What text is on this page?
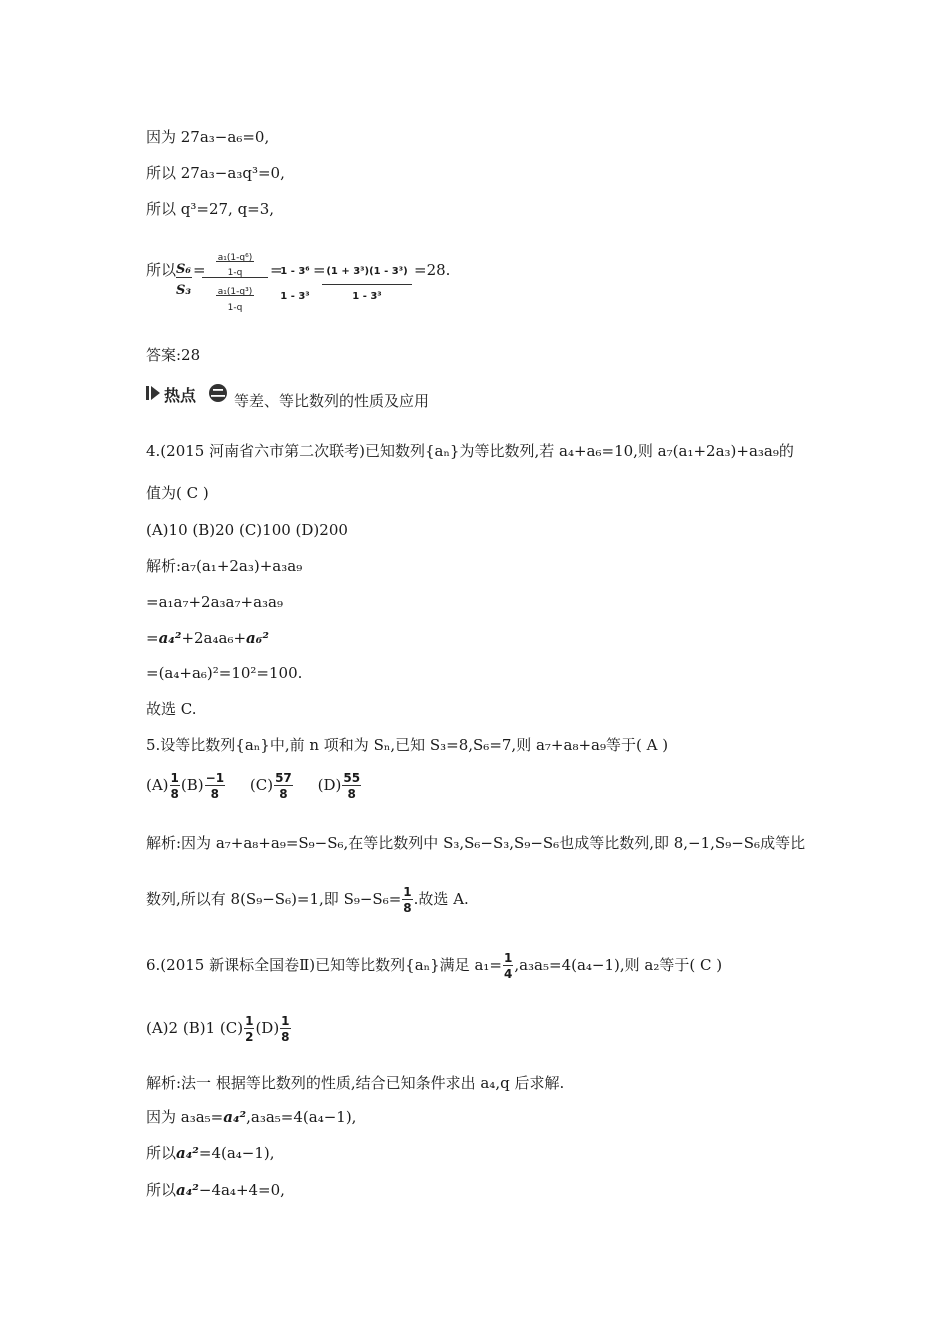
因为 27a₃−a₆=0,
所以 27a₃−a₃q³=0,
所以 q³=27, q=3,
所以 S₆
S₃
=
a₁(1-q⁶)
1-q
a₁(1-q³)
1-q
=
1 - 3⁶
1 - 3³
=
$\frac{\text{(1 + 3³)(1 - 3³)}}{\text{1 - 3³}} =28$.
答案:28
热点	等差、等比数列的性质及应用
4.(2015 河南省六市第二次联考)已知数列{aₙ}为等比数列,若 a₄+a₆=10,则 a₇(a₁+2a₃)+a₃a₉的
值为( C )
(A)10 (B)20 (C)100 (D)200
解析:a₇(a₁+2a₃)+a₃a₉
=a₁a₇+2a₃a₇+a₃a₉
=a₄²+2a₄a₆+a₆²
=(a₄+a₆)²=10²=100.
故选 C.
5.设等比数列{aₙ}中,前 n 项和为 Sₙ,已知 S₃=8,S₆=7,则 a₇+a₈+a₉等于( A )
$(A) \frac{1}{8} (B) \frac{-1}{8} (C) \frac{57}{8} (D) \frac{55}{8}$
解析:因为 a₇+a₈+a₉=S₉−S₆,在等比数列中 S₃,S₆−S₃,S₉−S₆也成等比数列,即 8,−1,S₉−S₆成等比
数列,所以有 8(S₉−S₆)=1,即 $S_9-S_6= \frac{1}{8}$ .故选 A.
6.(2015 新课标全国卷Ⅱ)已知等比数列{aₙ}满足 $a_1= \frac{1}{4} ,a_3a_5=4(a_4-1)$,则 a₂等于( C )
(A)2 (B)1 $(C) \frac{1}{2} (D) \frac{1}{8}$
解析:法一 根据等比数列的性质,结合已知条件求出 a₄,q 后求解.
因为 a₃a₅=a₄²,a₃a₅=4(a₄−1),
所以a₄²=4(a₄−1),
所以a₄²−4a₄+4=0,
